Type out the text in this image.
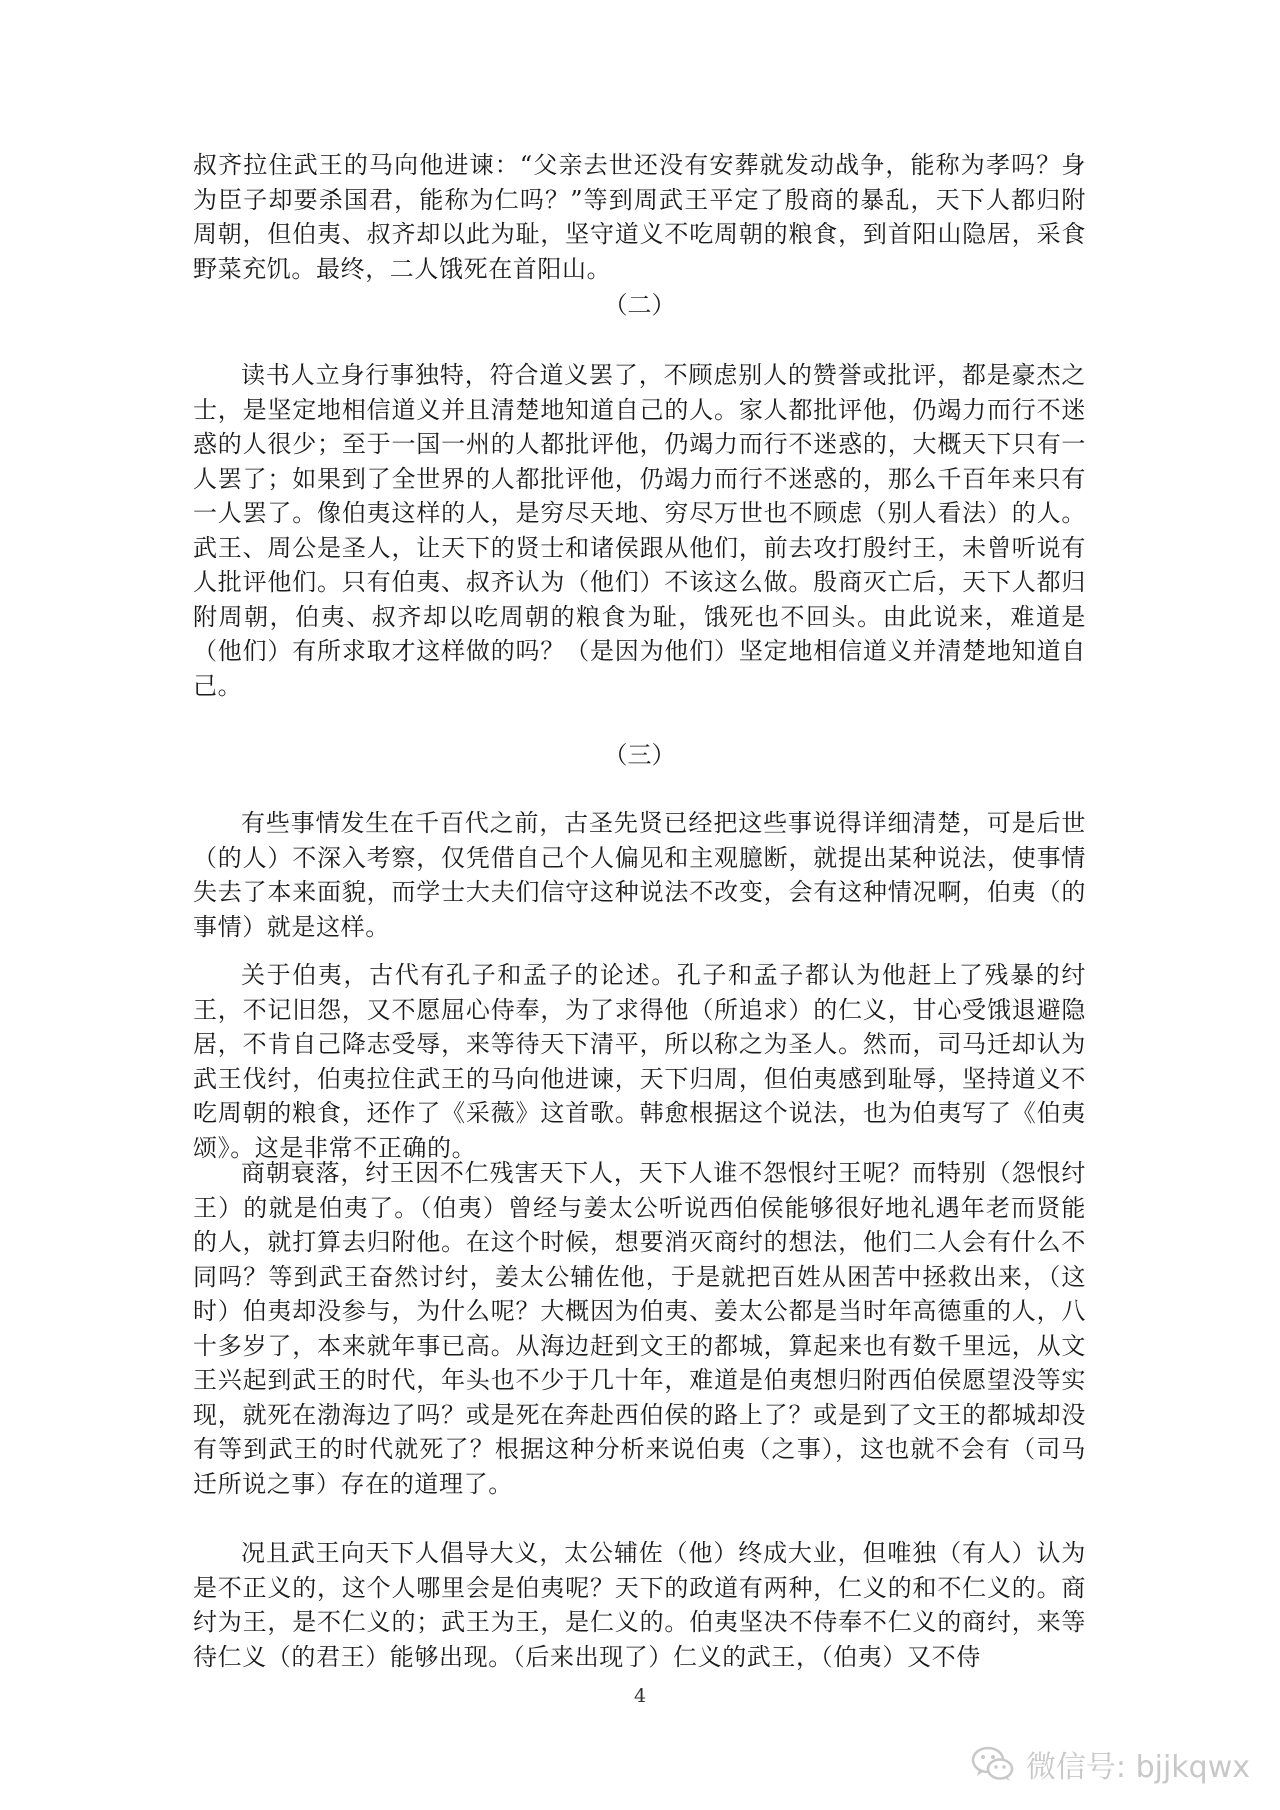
叔齐拉住武王的马向他进谏：“父亲去世还没有安葬就发动战争，能称为孝吗？身为臣子却要杀国君，能称为仁吗？”等到周武王平定了殷商的暴乱，天下人都归附周朝，但伯夷、叔齐却以此为耻，坚守道义不吃周朝的粮食，到首阳山隐居，采食野菜充饥。最终，二人饿死在首阳山。

（二）

读书人立身行事独特，符合道义罢了，不顾虑别人的赞誉或批评，都是豪杰之士，是坚定地相信道义并且清楚地知道自己的人。家人都批评他，仍竭力而行不迷惑的人很少；至于一国一州的人都批评他，仍竭力而行不迷惑的，大概天下只有一人罢了；如果到了全世界的人都批评他，仍竭力而行不迷惑的，那么千百年来只有一人罢了。像伯夷这样的人，是穷尽天地、穷尽万世也不顾虑（别人看法）的人。武王、周公是圣人，让天下的贤士和诸侯跟从他们，前去攻打殷纣王，未曾听说有人批评他们。只有伯夷、叔齐认为（他们）不该这么做。殷商灭亡后，天下人都归附周朝，伯夷、叔齐却以吃周朝的粮食为耻，饿死也不回头。由此说来，难道是（他们）有所求取才这样做的吗？（是因为他们）坚定地相信道义并清楚地知道自己。

（三）

有些事情发生在千百代之前，古圣先贤已经把这些事说得详细清楚，可是后世（的人）不深入考察，仅凭借自己个人偏见和主观臆断，就提出某种说法，使事情失去了本来面貌，而学士大夫们信守这种说法不改变，会有这种情况啊，伯夷（的事情）就是这样。

关于伯夷，古代有孔子和孟子的论述。孔子和孟子都认为他赶上了残暴的纣王，不记旧怨，又不愿屈心侍奉，为了求得他（所追求）的仁义，甘心受饿退避隐居，不肯自己降志受辱，来等待天下清平，所以称之为圣人。然而，司马迁却认为武王伐纣，伯夷拉住武王的马向他进谏，天下归周，但伯夷感到耻辱，坚持道义不吃周朝的粮食，还作了《采薇》这首歌。韩愈根据这个说法，也为伯夷写了《伯夷颂》。这是非常不正确的。

商朝衰落，纣王因不仁残害天下人，天下人谁不怨恨纣王呢？而特别（怨恨纣王）的就是伯夷了。（伯夷）曾经与姜太公听说西伯侯能够很好地礼遇年老而贤能的人，就打算去归附他。在这个时候，想要消灭商纣的想法，他们二人会有什么不同吗？等到武王奋然讨纣，姜太公辅佐他，于是就把百姓从困苦中拯救出来，（这时）伯夷却没参与，为什么呢？大概因为伯夷、姜太公都是当时年高德重的人，八十多岁了，本来就年事已高。从海边赶到文王的都城，算起来也有数千里远，从文王兴起到武王的时代，年头也不少于几十年，难道是伯夷想归附西伯侯愿望没等实现，就死在渤海边了吗？或是死在奔赴西伯侯的路上了？或是到了文王的都城却没有等到武王的时代就死了？根据这种分析来说伯夷（之事），这也就不会有（司马迁所说之事）存在的道理了。

况且武王向天下人倡导大义，太公辅佐（他）终成大业，但唯独（有人）认为是不正义的，这个人哪里会是伯夷呢？天下的政道有两种，仁义的和不仁义的。商纣为王，是不仁义的；武王为王，是仁义的。伯夷坚决不侍奉不仁义的商纣，来等待仁义（的君王）能够出现。（后来出现了）仁义的武王，（伯夷）又不侍

4
微信号: bjjkqwx
